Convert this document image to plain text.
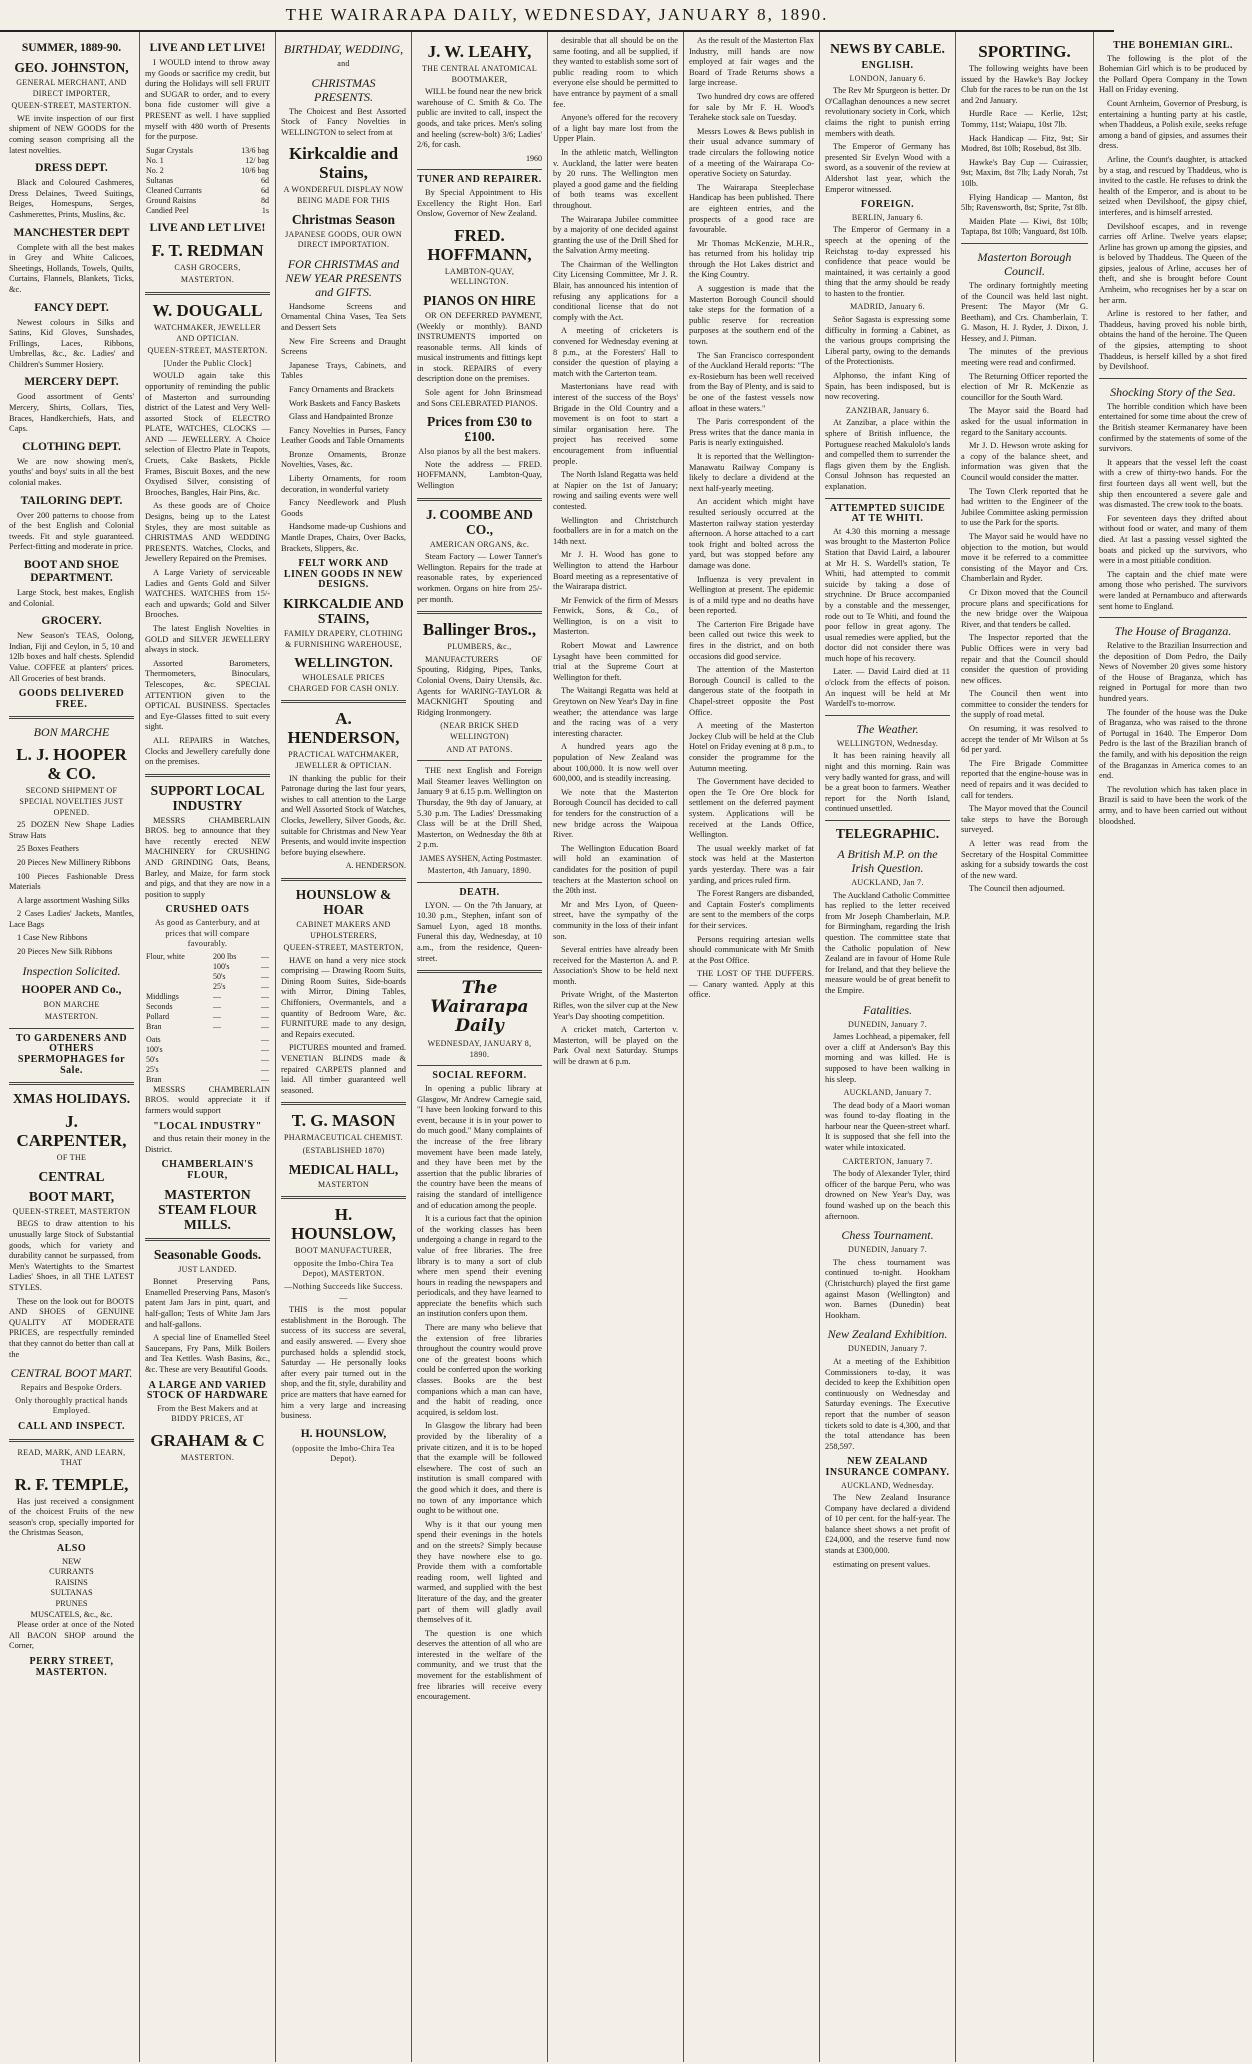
THE WAIRARAPA DAILY, WEDNESDAY, JANUARY 8, 1890.
SUMMER, 1889-90.
GEO. JOHNSTON,
GENERAL MERCHANT, AND DIRECT IMPORTER,
QUEEN-STREET, MASTERTON.

WE invite inspection of our first shipment of NEW GOODS for the coming season comprising all the latest novelties.

DRESS DEPT.

Black and Coloured Cashmeres, Dress Delaines, Tweed Suitings, Beiges, Homespuns, Serges, Cashmerettes, Prints, Muslins, &c.

MANCHESTER DEPT

Complete with all the best makes in Grey and White Calicoes, Sheetings, Hollands, Towels, Quilts, Curtains, Flannels, Blankets, Ticks, &c.

FANCY DEPT.

Newest colours in Silks and Satins, Kid Gloves, Sunshades, Frillings, Laces, Ribbons, Umbrellas, &c., &c. Ladies' and Children's Summer Hosiery.

MERCERY DEPT.

Good assortment of Gents' Mercery, Shirts, Collars, Ties, Braces, Handkerchiefs, Hats, and Caps.

CLOTHING DEPT.

We are now showing men's, youths' and boys' suits in all the best colonial makes.

TAILORING DEPT.

Over 200 patterns to choose from of the best English and Colonial tweeds. Fit and style guaranteed. Perfect-fitting and moderate in price.

BOOT AND SHOE DEPARTMENT.

Large Stock, best makes, English and Colonial.

GROCERY.

New Season's TEAS, Oolong, Indian, Fiji and Ceylon, in 5, 10 and 12lb boxes and half chests. Splendid Value. COFFEE at planters' prices. All Groceries of best brands.

GOODS DELIVERED FREE.
BON MARCHE
L. J. HOOPER & CO.
SECOND SHIPMENT OF SPECIAL NOVELTIES JUST OPENED.

25 DOZEN New Shape Ladies Straw Hats

25 Boxes Feathers

20 Pieces New Millinery Ribbons

100 Pieces Fashionable Dress Materials

A large assortment Washing Silks

2 Cases Ladies' Jackets, Mantles, Lace Bags

1 Case New Ribbons

20 Pieces New Silk Ribbons

Inspection Solicited.
HOOPER AND Co.,
BON MARCHE
MASTERTON.
TO GARDENERS AND OTHERS SPERMOPHAGES for Sale.
XMAS HOLIDAYS.
J. CARPENTER,
OF THE
CENTRAL
BOOT MART,
QUEEN-STREET, MASTERTON

BEGS to draw attention to his unusually large Stock of Substantial goods, which for variety and durability cannot be surpassed, from Men's Watertights to the Smartest Ladies' Shoes, in all THE LATEST STYLES.

These on the look out for BOOTS AND SHOES of GENUINE QUALITY AT MODERATE PRICES, are respectfully reminded that they cannot do better than call at the

CENTRAL BOOT MART.
Repairs and Bespoke Orders.
Only thoroughly practical hands Employed.
CALL AND INSPECT.
READ, MARK, AND LEARN, THAT
R. F. TEMPLE,

Has just received a consignment of the choicest Fruits of the new season's crop, specially imported for the Christmas Season,

ALSO
NEW
CURRANTS
RAISINS
SULTANAS
PRUNES
MUSCATELS, &c., &c.

Please order at once of the Noted All BACON SHOP around the Corner,

PERRY STREET, MASTERTON.
LIVE AND LET LIVE!

I WOULD intend to throw away my Goods or sacrifice my credit, but during the Holidays will sell FRUIT and SUGAR to order, and to every bona fide customer will give a PRESENT as well. I have supplied myself with 480 worth of Presents for the purpose.

Sugar Crystals	13/6 bag
No. 1	12/ bag
No. 2	10/6 bag
Sultanas	6d
Cleaned Currants	6d
Ground Raisins	8d
Candied Peel	1s
LIVE AND LET LIVE!
F. T. REDMAN
CASH GROCERS,
MASTERTON.
W. DOUGALL
WATCHMAKER, JEWELLER AND OPTICIAN.
QUEEN-STREET, MASTERTON.
[Under the Public Clock]

WOULD again take this opportunity of reminding the public of Masterton and surrounding district of the Latest and Very Well-assorted Stock of ELECTRO PLATE, WATCHES, CLOCKS — AND — JEWELLERY. A Choice selection of Electro Plate in Teapots, Cruets, Cake Baskets, Pickle Frames, Biscuit Boxes, and the new Oxydised Silver, consisting of Brooches, Bangles, Hair Pins, &c.

As these goods are of Choice Designs, being up to the Latest Styles, they are most suitable as CHRISTMAS AND WEDDING PRESENTS. Watches, Clocks, and Jewellery Repaired on the Premises.

A Large Variety of serviceable Ladies and Gents Gold and Silver WATCHES. WATCHES from 15/- each and upwards; Gold and Silver Brooches.

The latest English Novelties in GOLD and SILVER JEWELLERY always in stock.

Assorted Barometers, Thermometers, Binoculars, Telescopes, &c. SPECIAL ATTENTION given to the OPTICAL BUSINESS. Spectacles and Eye-Glasses fitted to suit every sight.

ALL REPAIRS in Watches, Clocks and Jewellery carefully done on the premises.

SUPPORT LOCAL INDUSTRY

MESSRS CHAMBERLAIN BROS. beg to announce that they have recently erected NEW MACHINERY for CRUSHING AND GRINDING Oats, Beans, Barley, and Maize, for farm stock and pigs, and that they are now in a position to supply

CRUSHED OATS
As good as Canterbury, and at prices that will compare favourably.
Flour, white	200 lbs	—
	100's	—
	50's	—
	25's	—
Middlings	—	—
Seconds	—	—
Pollard	—	—
Bran	—	—
Oats	—
100's	—
50's	—
25's	—
Bran	—

MESSRS CHAMBERLAIN BROS. would appreciate it if farmers would support

"LOCAL INDUSTRY"

and thus retain their money in the District.

CHAMBERLAIN'S FLOUR,
MASTERTON STEAM FLOUR MILLS.
Seasonable Goods.
JUST LANDED.

Bonnet Preserving Pans, Enamelled Preserving Pans, Mason's patent Jam Jars in pint, quart, and half-gallon; Tests of White Jam Jars and half-gallons.

A special line of Enamelled Steel Saucepans, Fry Pans, Milk Boilers and Tea Kettles. Wash Basins, &c., &c. These are very Beautiful Goods.

A LARGE AND VARIED STOCK OF HARDWARE
From the Best Makers and at BIDDY PRICES, AT
GRAHAM & C
MASTERTON.
BIRTHDAY, WEDDING,
and
CHRISTMAS PRESENTS.

The Choicest and Best Assorted Stock of Fancy Novelties in WELLINGTON to select from at

Kirkcaldie and Stains,
A WONDERFUL DISPLAY NOW BEING MADE FOR THIS
Christmas Season
JAPANESE GOODS, OUR OWN DIRECT IMPORTATION.
FOR CHRISTMAS and NEW YEAR PRESENTS and GIFTS.

Handsome Screens and Ornamental China Vases, Tea Sets and Dessert Sets

New Fire Screens and Draught Screens

Japanese Trays, Cabinets, and Tables

Fancy Ornaments and Brackets

Work Baskets and Fancy Baskets

Glass and Handpainted Bronze

Fancy Novelties in Purses, Fancy Leather Goods and Table Ornaments

Bronze Ornaments, Bronze Novelties, Vases, &c.

Liberty Ornaments, for room decoration, in wonderful variety

Fancy Needlework and Plush Goods

Handsome made-up Cushions and Mantle Drapes, Chairs, Over Backs, Brackets, Slippers, &c.

FELT WORK AND LINEN GOODS IN NEW DESIGNS.
KIRKCALDIE AND STAINS,
FAMILY DRAPERY, CLOTHING & FURNISHING WAREHOUSE,
WELLINGTON.
WHOLESALE PRICES CHARGED FOR CASH ONLY.
A. HENDERSON,
PRACTICAL WATCHMAKER, JEWELLER & OPTICIAN.

IN thanking the public for their Patronage during the last four years, wishes to call attention to the Large and Well Assorted Stock of Watches, Clocks, Jewellery, Silver Goods, &c. suitable for Christmas and New Year Presents, and would invite inspection before buying elsewhere.

A. HENDERSON.
HOUNSLOW & HOAR
CABINET MAKERS AND UPHOLSTERERS,
QUEEN-STREET, MASTERTON,

HAVE on hand a very nice stock comprising — Drawing Room Suits, Dining Room Suites, Side-boards with Mirror, Dining Tables, Chiffoniers, Overmantels, and a quantity of Bedroom Ware, &c. FURNITURE made to any design, and Repairs executed.

PICTURES mounted and framed. VENETIAN BLINDS made & repaired CARPETS planned and laid. All timber guaranteed well seasoned.

T. G. MASON
PHARMACEUTICAL CHEMIST.
(ESTABLISHED 1870)
MEDICAL HALL,
MASTERTON
H. HOUNSLOW,
BOOT MANUFACTURER,
opposite the Imbo-Chira Tea Depot), MASTERTON.
—Nothing Succeeds like Success.—

THIS is the most popular establishment in the Borough. The success of its success are several, and easily answered. — Every shoe purchased holds a splendid stock, Saturday — He personally looks after every pair turned out in the shop, and the fit, style, durability and price are matters that have earned for him a very large and increasing business.

H. HOUNSLOW,
(opposite the Imbo-Chira Tea Depot).
J. W. LEAHY,
THE CENTRAL ANATOMICAL BOOTMAKER,

WILL be found near the new brick warehouse of C. Smith & Co. The public are invited to call, inspect the goods, and take prices. Men's soling and heeling (screw-bolt) 3/6; Ladies' 2/6, for cash.

1960
TUNER AND REPAIRER.

By Special Appointment to His Excellency the Right Hon. Earl Onslow, Governor of New Zealand.

FRED. HOFFMANN,
LAMBTON-QUAY, WELLINGTON.
PIANOS ON HIRE

OR ON DEFERRED PAYMENT, (Weekly or monthly). BAND INSTRUMENTS imported on reasonable terms. All kinds of musical instruments and fittings kept in stock. REPAIRS of every description done on the premises.

Sole agent for John Brinsmead and Sons CELEBRATED PIANOS.

Prices from £30 to £100.
Also pianos by all the best makers.

Note the address — FRED. HOFFMANN, Lambton-Quay, Wellington

J. COOMBE AND CO.,
AMERICAN ORGANS, &c.

Steam Factory — Lower Tanner's Wellington. Repairs for the trade at reasonable rates, by experienced workmen. Organs on hire from 25/- per month.

Ballinger Bros.,
PLUMBERS, &c.,

MANUFACTURERS OF Spouting, Ridging, Pipes, Tanks, Colonial Ovens, Dairy Utensils, &c. Agents for WARING-TAYLOR & MACKNIGHT Spouting and Ridging Ironmongery.

(NEAR BRICK SHED WELLINGTON)
AND AT PATONS.

THE next English and Foreign Mail Steamer leaves Wellington on January 9 at 6.15 p.m. Wellington on Thursday, the 9th day of January, at 5.30 p.m. The Ladies' Dressmaking Class will be at the Drill Shed, Masterton, on Wednesday the 8th at 2 p.m.

JAMES AYSHEN, Acting Postmaster.
Masterton, 4th January, 1890.
DEATH.

LYON. — On the 7th January, at 10.30 p.m., Stephen, infant son of Samuel Lyon, aged 18 months. Funeral this day, Wednesday, at 10 a.m., from the residence, Queen-street.

The Wairarapa Daily
WEDNESDAY, JANUARY 8, 1890.
SOCIAL REFORM.

In opening a public library at Glasgow, Mr Andrew Carnegie said, "I have been looking forward to this event, because it is in your power to do much good." Many complaints of the increase of the free library movement have been made lately, and they have been met by the assertion that the public libraries of the country have been the means of raising the standard of intelligence and of education among the people.

It is a curious fact that the opinion of the working classes has been undergoing a change in regard to the value of free libraries. The free library is to many a sort of club where men spend their evening hours in reading the newspapers and periodicals, and they have learned to appreciate the benefits which such an institution confers upon them.

There are many who believe that the extension of free libraries throughout the country would prove one of the greatest boons which could be conferred upon the working classes. Books are the best companions which a man can have, and the habit of reading, once acquired, is seldom lost.

In Glasgow the library had been provided by the liberality of a private citizen, and it is to be hoped that the example will be followed elsewhere. The cost of such an institution is small compared with the good which it does, and there is no town of any importance which ought to be without one.

Why is it that our young men spend their evenings in the hotels and on the streets? Simply because they have nowhere else to go. Provide them with a comfortable reading room, well lighted and warmed, and supplied with the best literature of the day, and the greater part of them will gladly avail themselves of it.

The question is one which deserves the attention of all who are interested in the welfare of the community, and we trust that the movement for the establishment of free libraries will receive every encouragement.

desirable that all should be on the same footing, and all be supplied, if they wanted to establish some sort of public reading room to which everyone else should be permitted to have entrance by payment of a small fee.

Anyone's offered for the recovery of a light bay mare lost from the Upper Plain.

In the athletic match, Wellington v. Auckland, the latter were beaten by 20 runs. The Wellington men played a good game and the fielding of both teams was excellent throughout.

The Wairarapa Jubilee committee by a majority of one decided against granting the use of the Drill Shed for the Salvation Army meeting.

The Chairman of the Wellington City Licensing Committee, Mr J. R. Blair, has announced his intention of refusing any applications for a conditional license that do not comply with the Act.

A meeting of cricketers is convened for Wednesday evening at 8 p.m., at the Foresters' Hall to consider the question of playing a match with the Carterton team.

Mastertonians have read with interest of the success of the Boys' Brigade in the Old Country and a movement is on foot to start a similar organisation here. The project has received some encouragement from influential people.

The North Island Regatta was held at Napier on the 1st of January; rowing and sailing events were well contested.

Wellington and Christchurch footballers are in for a match on the 14th next.

Mr J. H. Wood has gone to Wellington to attend the Harbour Board meeting as a representative of the Wairarapa district.

Mr Fenwick of the firm of Messrs Fenwick, Sons, & Co., of Wellington, is on a visit to Masterton.

Robert Mowat and Lawrence Lysaght have been committed for trial at the Supreme Court at Wellington for theft.

The Waitangi Regatta was held at Greytown on New Year's Day in fine weather; the attendance was large and the racing was of a very interesting character.

A hundred years ago the population of New Zealand was about 100,000. It is now well over 600,000, and is steadily increasing.

We note that the Masterton Borough Council has decided to call for tenders for the construction of a new bridge across the Waipoua River.

The Wellington Education Board will hold an examination of candidates for the position of pupil teachers at the Masterton school on the 20th inst.

Mr and Mrs Lyon, of Queen-street, have the sympathy of the community in the loss of their infant son.

Several entries have already been received for the Masterton A. and P. Association's Show to be held next month.

Private Wright, of the Masterton Rifles, won the silver cup at the New Year's Day shooting competition.

A cricket match, Carterton v. Masterton, will be played on the Park Oval next Saturday. Stumps will be drawn at 6 p.m.

As the result of the Masterton Flax Industry, mill hands are now employed at fair wages and the Board of Trade Returns shows a large increase.

Two hundred dry cows are offered for sale by Mr F. H. Wood's Teraheke stock sale on Tuesday.

Messrs Lowes & Bews publish in their usual advance summary of trade circulars the following notice of a meeting of the Wairarapa Co-operative Society on Saturday.

The Wairarapa Steeplechase Handicap has been published. There are eighteen entries, and the prospects of a good race are favourable.

Mr Thomas McKenzie, M.H.R., has returned from his holiday trip through the Hot Lakes district and the King Country.

A suggestion is made that the Masterton Borough Council should take steps for the formation of a public reserve for recreation purposes at the southern end of the town.

The San Francisco correspondent of the Auckland Herald reports: "The ex-Rosieburn has been well received from the Bay of Plenty, and is said to be one of the fastest vessels now afloat in these waters."

The Paris correspondent of the Press writes that the dance mania in Paris is nearly extinguished.

It is reported that the Wellington-Manawatu Railway Company is likely to declare a dividend at the next half-yearly meeting.

An accident which might have resulted seriously occurred at the Masterton railway station yesterday afternoon. A horse attached to a cart took fright and bolted across the yard, but was stopped before any damage was done.

Influenza is very prevalent in Wellington at present. The epidemic is of a mild type and no deaths have been reported.

The Carterton Fire Brigade have been called out twice this week to fires in the district, and on both occasions did good service.

The attention of the Masterton Borough Council is called to the dangerous state of the footpath in Chapel-street opposite the Post Office.

A meeting of the Masterton Jockey Club will be held at the Club Hotel on Friday evening at 8 p.m., to consider the programme for the Autumn meeting.

The Government have decided to open the Te Ore Ore block for settlement on the deferred payment system. Applications will be received at the Lands Office, Wellington.

The usual weekly market of fat stock was held at the Masterton yards yesterday. There was a fair yarding, and prices ruled firm.

The Forest Rangers are disbanded, and Captain Foster's compliments are sent to the members of the corps for their services.

Persons requiring artesian wells should communicate with Mr Smith at the Post Office.

THE LOST OF THE DUFFERS. — Canary wanted. Apply at this office.

NEWS BY CABLE.
ENGLISH.
LONDON, January 6.

The Rev Mr Spurgeon is better. Dr O'Callaghan denounces a new secret revolutionary society in Cork, which claims the right to punish erring members with death.

The Emperor of Germany has presented Sir Evelyn Wood with a sword, as a souvenir of the review at Aldershot last year, which the Emperor witnessed.

FOREIGN.
BERLIN, January 6.

The Emperor of Germany in a speech at the opening of the Reichstag to-day expressed his confidence that peace would be maintained, it was certainly a good thing that the army should be ready to hasten to the frontier.

MADRID, January 6.

Señor Sagasta is expressing some difficulty in forming a Cabinet, as the various groups comprising the Liberal party, owing to the demands of the Protectionists.

Alphonso, the infant King of Spain, has been indisposed, but is now recovering.

ZANZIBAR, January 6.

At Zanzibar, a place within the sphere of British influence, the Portuguese reached Makulolo's lands and compelled them to surrender the flags given them by the English. Consul Johnson has requested an explanation.

ATTEMPTED SUICIDE AT TE WHITI.

At 4.30 this morning a message was brought to the Masterton Police Station that David Laird, a labourer at Mr H. S. Wardell's station, Te Whiti, had attempted to commit suicide by taking a dose of strychnine. Dr Bruce accompanied by a constable and the messenger, rode out to Te Whiti, and found the poor fellow in great agony. The usual remedies were applied, but the doctor did not consider there was much hope of his recovery.

Later. — David Laird died at 11 o'clock from the effects of poison. An inquest will be held at Mr Wardell's to-morrow.

The Weather.
WELLINGTON, Wednesday.

It has been raining heavily all night and this morning. Rain was very badly wanted for grass, and will be a great boon to farmers. Weather report for the North Island, continued unsettled.

TELEGRAPHIC.
A British M.P. on the Irish Question.
AUCKLAND, Jan 7.

The Auckland Catholic Committee has replied to the letter received from Mr Joseph Chamberlain, M.P. for Birmingham, regarding the Irish question. The committee state that the Catholic population of New Zealand are in favour of Home Rule for Ireland, and that they believe the measure would be of great benefit to the Empire.

Fatalities.
DUNEDIN, January 7.

James Lochhead, a pipemaker, fell over a cliff at Anderson's Bay this morning and was killed. He is supposed to have been walking in his sleep.

AUCKLAND, January 7.

The dead body of a Maori woman was found to-day floating in the harbour near the Queen-street wharf. It is supposed that she fell into the water while intoxicated.

CARTERTON, January 7.

The body of Alexander Tyler, third officer of the barque Peru, who was drowned on New Year's Day, was found washed up on the beach this afternoon.

Chess Tournament.
DUNEDIN, January 7.

The chess tournament was continued to-night. Hookham (Christchurch) played the first game against Mason (Wellington) and won. Barnes (Dunedin) beat Hookham.

New Zealand Exhibition.
DUNEDIN, January 7.

At a meeting of the Exhibition Commissioners to-day, it was decided to keep the Exhibition open continuously on Wednesday and Saturday evenings. The Executive report that the number of season tickets sold to date is 4,300, and that the total attendance has been 258,597.

NEW ZEALAND INSURANCE COMPANY.
AUCKLAND, Wednesday.

The New Zealand Insurance Company have declared a dividend of 10 per cent. for the half-year. The balance sheet shows a net profit of £24,000, and the reserve fund now stands at £300,000.

estimating on present values.

SPORTING.

The following weights have been issued by the Hawke's Bay Jockey Club for the races to be run on the 1st and 2nd January.

Hurdle Race — Kerlie, 12st; Tommy, 11st; Waiapu, 10st 7lb.

Hack Handicap — Fitz, 9st; Sir Modred, 8st 10lb; Rosebud, 8st 3lb.

Hawke's Bay Cup — Cuirassier, 9st; Maxim, 8st 7lb; Lady Norah, 7st 10lb.

Flying Handicap — Manton, 8st 5lb; Ravensworth, 8st; Sprite, 7st 8lb.

Maiden Plate — Kiwi, 8st 10lb; Taptapa, 8st 10lb; Vanguard, 8st 10lb.

Masterton Borough Council.

The ordinary fortnightly meeting of the Council was held last night. Present: The Mayor (Mr G. Beetham), and Crs. Chamberlain, T. G. Mason, H. J. Ryder, J. Dixon, J. Hessey, and J. Pitman.

The minutes of the previous meeting were read and confirmed.

The Returning Officer reported the election of Mr R. McKenzie as councillor for the South Ward.

The Mayor said the Board had asked for the usual information in regard to the Sanitary accounts.

Mr J. D. Hewson wrote asking for a copy of the balance sheet, and information was given that the Council would consider the matter.

The Town Clerk reported that he had written to the Engineer of the Jubilee Committee asking permission to use the Park for the sports.

The Mayor said he would have no objection to the motion, but would move it be referred to a committee consisting of the Mayor and Crs. Chamberlain and Ryder.

Cr Dixon moved that the Council procure plans and specifications for the new bridge over the Waipoua River, and that tenders be called.

The Inspector reported that the Public Offices were in very bad repair and that the Council should consider the question of providing new offices.

The Council then went into committee to consider the tenders for the supply of road metal.

On resuming, it was resolved to accept the tender of Mr Wilson at 5s 6d per yard.

The Fire Brigade Committee reported that the engine-house was in need of repairs and it was decided to call for tenders.

The Mayor moved that the Council take steps to have the Borough surveyed.

A letter was read from the Secretary of the Hospital Committee asking for a subsidy towards the cost of the new ward.

The Council then adjourned.

THE BOHEMIAN GIRL.

The following is the plot of the Bohemian Girl which is to be produced by the Pollard Opera Company in the Town Hall on Friday evening.

Count Arnheim, Governor of Presburg, is entertaining a hunting party at his castle, when Thaddeus, a Polish exile, seeks refuge among a band of gipsies, and assumes their dress.

Arline, the Count's daughter, is attacked by a stag, and rescued by Thaddeus, who is invited to the castle. He refuses to drink the health of the Emperor, and is about to be seized when Devilshoof, the gipsy chief, interferes, and is himself arrested.

Devilshoof escapes, and in revenge carries off Arline. Twelve years elapse; Arline has grown up among the gipsies, and is beloved by Thaddeus. The Queen of the gipsies, jealous of Arline, accuses her of theft, and she is brought before Count Arnheim, who recognises her by a scar on her arm.

Arline is restored to her father, and Thaddeus, having proved his noble birth, obtains the hand of the heroine. The Queen of the gipsies, attempting to shoot Thaddeus, is herself killed by a shot fired by Devilshoof.

Shocking Story of the Sea.

The horrible condition which have been entertained for some time about the crew of the British steamer Kermanarey have been confirmed by the statements of some of the survivors.

It appears that the vessel left the coast with a crew of thirty-two hands. For the first fourteen days all went well, but the ship then encountered a severe gale and was dismasted. The crew took to the boats.

For seventeen days they drifted about without food or water, and many of them died. At last a passing vessel sighted the boats and picked up the survivors, who were in a most pitiable condition.

The captain and the chief mate were among those who perished. The survivors were landed at Pernambuco and afterwards sent home to England.

The House of Braganza.

Relative to the Brazilian Insurrection and the deposition of Dom Pedro, the Daily News of November 20 gives some history of the House of Braganza, which has reigned in Portugal for more than two hundred years.

The founder of the house was the Duke of Braganza, who was raised to the throne of Portugal in 1640. The Emperor Dom Pedro is the last of the Brazilian branch of the family, and with his deposition the reign of the Braganzas in America comes to an end.

The revolution which has taken place in Brazil is said to have been the work of the army, and to have been carried out without bloodshed.
